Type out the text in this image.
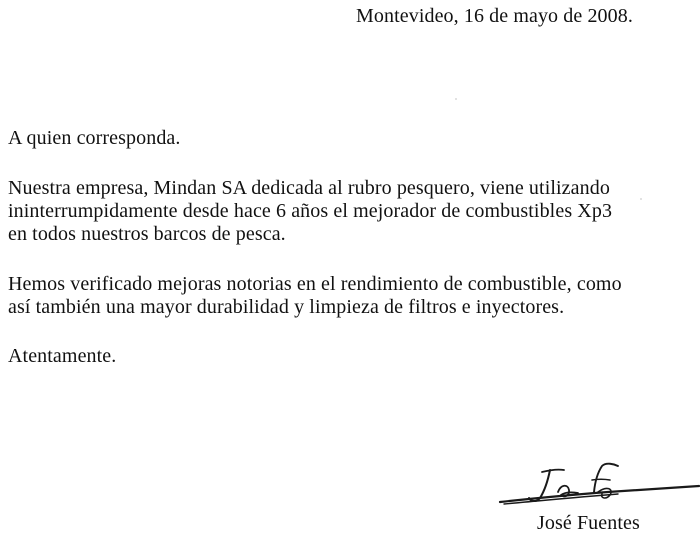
Montevideo, 16 de mayo de 2008.
A quien corresponda.
Nuestra empresa, Mindan SA dedicada al rubro pesquero, viene utilizando
ininterrumpidamente desde hace 6 años el mejorador de combustibles Xp3
en todos nuestros barcos de pesca.
Hemos verificado mejoras notorias en el rendimiento de combustible, como
así también una mayor durabilidad y limpieza de filtros e inyectores.
Atentamente.
José Fuentes
